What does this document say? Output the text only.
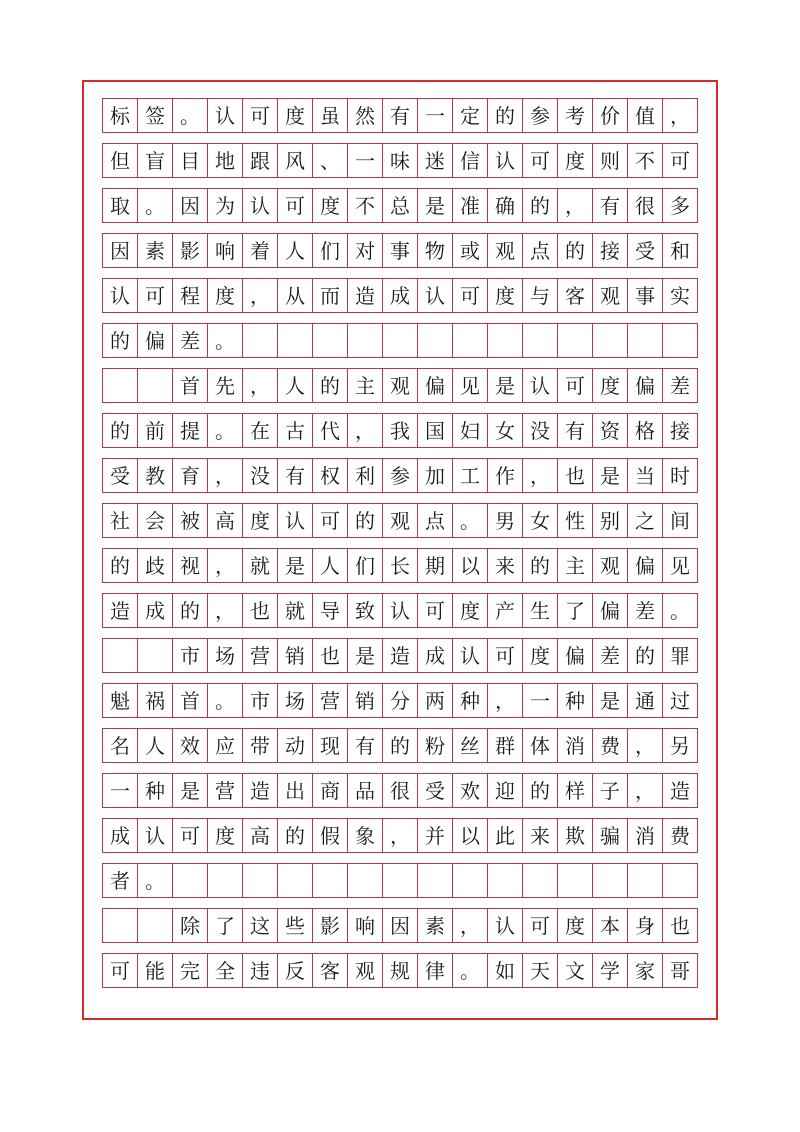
标 签 。 认 可 度 虽 然 有 一 定 的 参 考 价 值 ，
但 盲 目 地 跟 风 、 一 味 迷 信 认 可 度 则 不 可
取 。 因 为 认 可 度 不 总 是 准 确 的 ， 有 很 多
因 素 影 响 着 人 们 对 事 物 或 观 点 的 接 受 和
认 可 程 度 ， 从 而 造 成 认 可 度 与 客 观 事 实
的 偏 差 。
首 先 ， 人 的 主 观 偏 见 是 认 可 度 偏 差
的 前 提 。 在 古 代 ， 我 国 妇 女 没 有 资 格 接
受 教 育 ， 没 有 权 利 参 加 工 作 ， 也 是 当 时
社 会 被 高 度 认 可 的 观 点 。 男 女 性 别 之 间
的 歧 视 ， 就 是 人 们 长 期 以 来 的 主 观 偏 见
造 成 的 ， 也 就 导 致 认 可 度 产 生 了 偏 差 。
市 场 营 销 也 是 造 成 认 可 度 偏 差 的 罪
魁 祸 首 。 市 场 营 销 分 两 种 ， 一 种 是 通 过
名 人 效 应 带 动 现 有 的 粉 丝 群 体 消 费 ， 另
一 种 是 营 造 出 商 品 很 受 欢 迎 的 样 子 ， 造
成 认 可 度 高 的 假 象 ， 并 以 此 来 欺 骗 消 费
者 。
除 了 这 些 影 响 因 素 ， 认 可 度 本 身 也
可 能 完 全 违 反 客 观 规 律 。 如 天 文 学 家 哥
